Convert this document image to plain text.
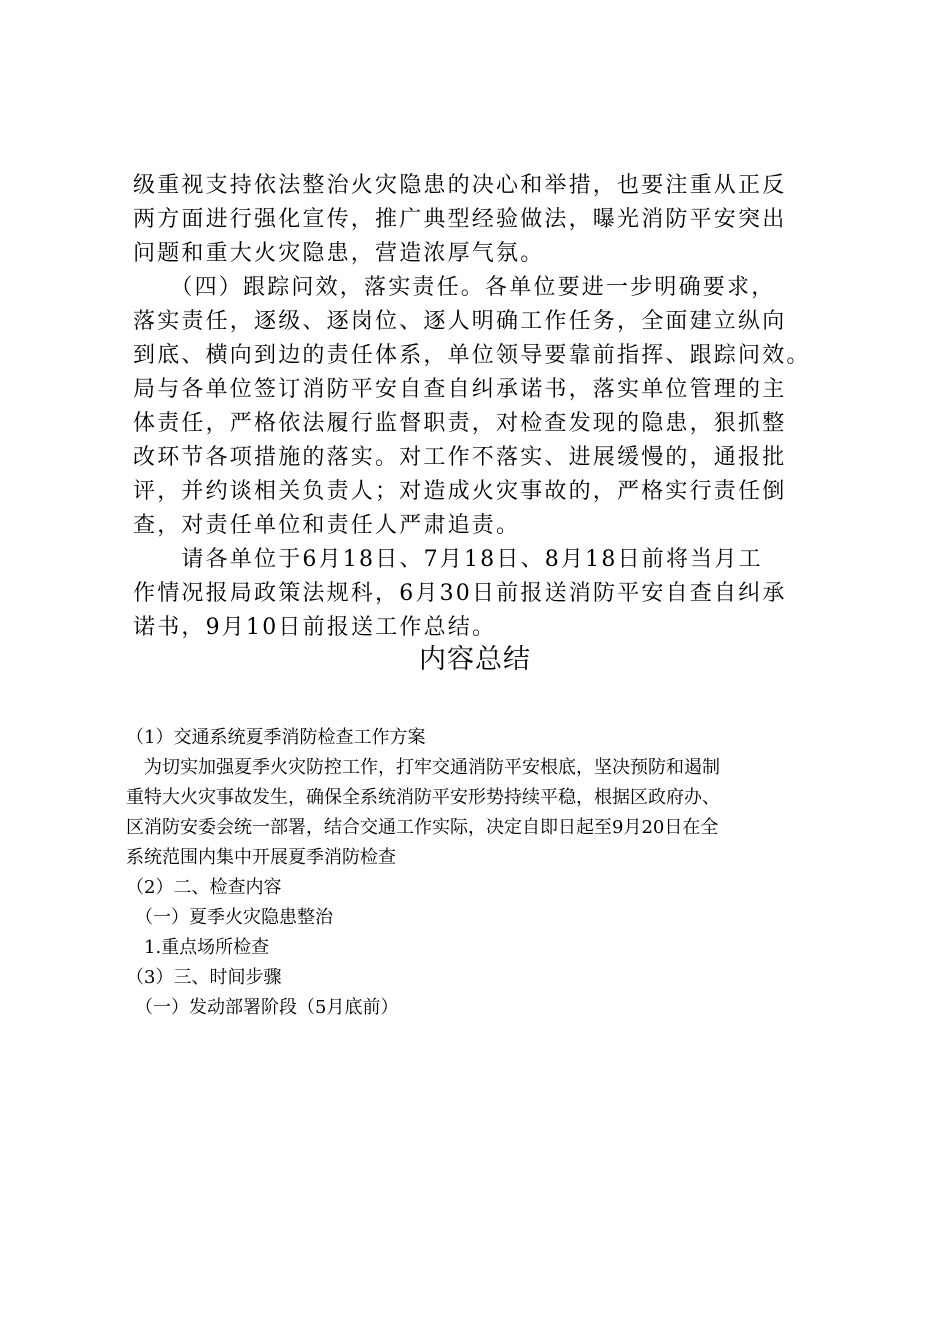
级重视支持依法整治火灾隐患的决心和举措，也要注重从正反
两方面进行强化宣传，推广典型经验做法，曝光消防平安突出
问题和重大火灾隐患，营造浓厚气氛。
　　（四）跟踪问效，落实责任。各单位要进一步明确要求，
落实责任，逐级、逐岗位、逐人明确工作任务，全面建立纵向
到底、横向到边的责任体系，单位领导要靠前指挥、跟踪问效。
局与各单位签订消防平安自查自纠承诺书，落实单位管理的主
体责任，严格依法履行监督职责，对检查发现的隐患，狠抓整
改环节各项措施的落实。对工作不落实、进展缓慢的，通报批
评，并约谈相关负责人；对造成火灾事故的，严格实行责任倒
查，对责任单位和责任人严肃追责。
　　请各单位于6月18日、7月18日、8月18日前将当月工
作情况报局政策法规科，6月30日前报送消防平安自查自纠承
诺书，9月10日前报送工作总结。
内容总结
（1）交通系统夏季消防检查工作方案
　为切实加强夏季火灾防控工作，打牢交通消防平安根底，坚决预防和遏制
重特大火灾事故发生，确保全系统消防平安形势持续平稳，根据区政府办、
区消防安委会统一部署，结合交通工作实际，决定自即日起至9月20日在全
系统范围内集中开展夏季消防检查
（2）二、检查内容
　（一）夏季火灾隐患整治
　1.重点场所检查
（3）三、时间步骤
　（一）发动部署阶段（5月底前）
